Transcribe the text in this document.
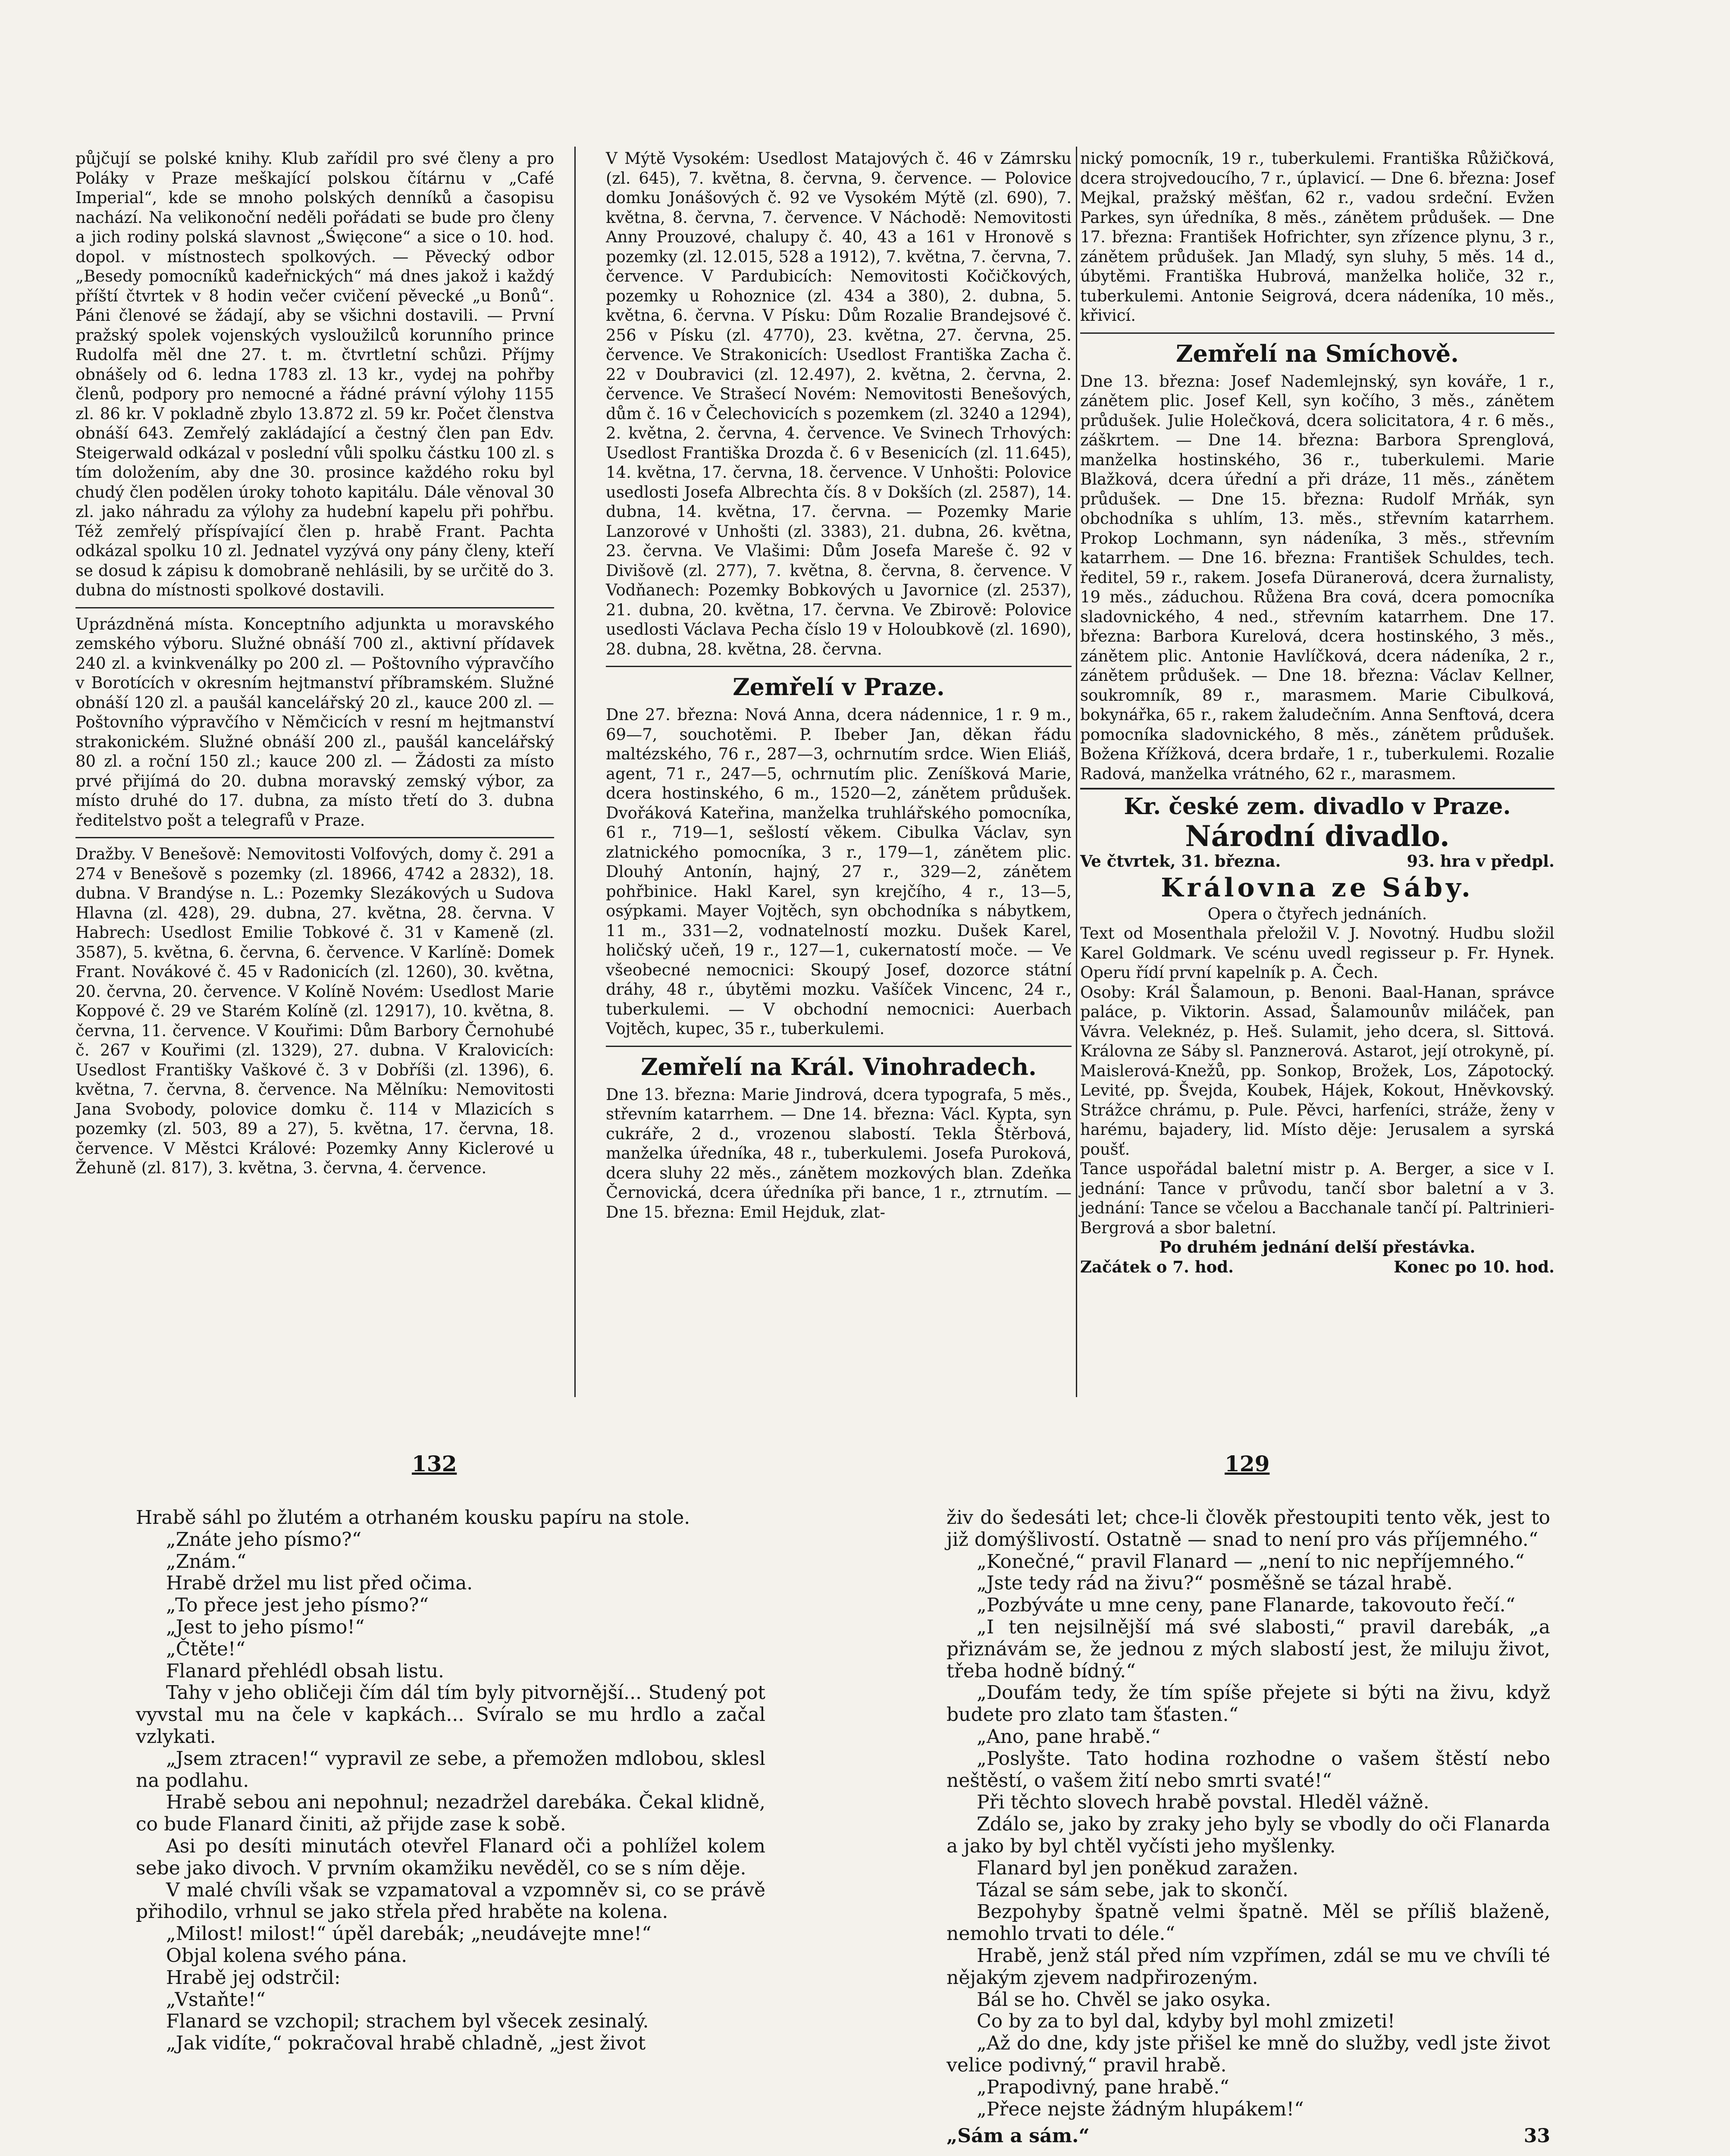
půjčují se polské knihy. Klub zařídil pro své členy a pro Poláky v Praze meškající polskou čítárnu v „Café Imperial“, kde se mnoho polských denníků a časopisu nachází. Na velikonoční neděli pořádati se bude pro členy a jich rodiny polská slavnost „Święcone“ a sice o 10. hod. dopol. v místnostech spolkových. — Pěvecký odbor „Besedy pomocníků kadeřnických“ má dnes jakož i každý příští čtvrtek v 8 hodin večer cvičení pěvecké „u Bonů“. Páni členové se žádají, aby se všichni dostavili. — První pražský spolek vojenských vysloužilců korunního prince Rudolfa měl dne 27. t. m. čtvrtletní schůzi. Příjmy obnášely od 6. ledna 1783 zl. 13 kr., vydej na pohřby členů, podpory pro nemocné a řádné právní výlohy 1155 zl. 86 kr. V pokladně zbylo 13.872 zl. 59 kr. Počet členstva obnáší 643. Zemřelý zakládající a čestný člen pan Edv. Steigerwald odkázal v poslední vůli spolku částku 100 zl. s tím doložením, aby dne 30. prosince každého roku byl chudý člen podělen úroky tohoto kapitálu. Dále věnoval 30 zl. jako náhradu za výlohy za hudební kapelu při pohřbu. Též zemřelý příspívající člen p. hrabě Frant. Pachta odkázal spolku 10 zl. Jednatel vyzývá ony pány členy, kteří se dosud k zápisu k domobraně nehlásili, by se určitě do 3. dubna do místnosti spolkové dostavili.

Uprázdněná místa. Konceptního adjunkta u moravského zemského výboru. Služné obnáší 700 zl., aktivní přídavek 240 zl. a kvinkvenálky po 200 zl. — Poštovního výpravčího v Borotících v okresním hejtmanství příbramském. Služné obnáší 120 zl. a paušál kancelářský 20 zl., kauce 200 zl. — Poštovního výpravčího v Němčicích v resní m hejtmanství strakonickém. Služné obnáší 200 zl., paušál kancelářský 80 zl. a roční 150 zl.; kauce 200 zl. — Žádosti za místo prvé přijímá do 20. dubna moravský zemský výbor, za místo druhé do 17. dubna, za místo třetí do 3. dubna ředitelstvo pošt a telegrafů v Praze.

Dražby. V Benešově: Nemovitosti Volfových, domy č. 291 a 274 v Benešově s pozemky (zl. 18966, 4742 a 2832), 18. dubna. V Brandýse n. L.: Pozemky Slezákových u Sudova Hlavna (zl. 428), 29. dubna, 27. května, 28. června. V Habrech: Usedlost Emilie Tobkové č. 31 v Kameně (zl. 3587), 5. května, 6. června, 6. července. V Karlíně: Domek Frant. Novákové č. 45 v Radonicích (zl. 1260), 30. května, 20. června, 20. července. V Kolíně Novém: Usedlost Marie Koppové č. 29 ve Starém Kolíně (zl. 12917), 10. května, 8. června, 11. července. V Kouřimi: Dům Barbory Černohubé č. 267 v Kouřimi (zl. 1329), 27. dubna. V Kralovicích: Usedlost Františky Vaškové č. 3 v Dobříši (zl. 1396), 6. května, 7. června, 8. července. Na Mělníku: Nemovitosti Jana Svobody, polovice domku č. 114 v Mlazicích s pozemky (zl. 503, 89 a 27), 5. května, 17. června, 18. července. V Městci Králové: Pozemky Anny Kiclerové u Žehuně (zl. 817), 3. května, 3. června, 4. července.

V Mýtě Vysokém: Usedlost Matajových č. 46 v Zámrsku (zl. 645), 7. května, 8. června, 9. července. — Polovice domku Jonášových č. 92 ve Vysokém Mýtě (zl. 690), 7. května, 8. června, 7. července. V Náchodě: Nemovitosti Anny Prouzové, chalupy č. 40, 43 a 161 v Hronově s pozemky (zl. 12.015, 528 a 1912), 7. května, 7. června, 7. července. V Pardubicích: Nemovitosti Kočičkových, pozemky u Rohoznice (zl. 434 a 380), 2. dubna, 5. května, 6. června. V Písku: Dům Rozalie Brandejsové č. 256 v Písku (zl. 4770), 23. května, 27. června, 25. července. Ve Strakonicích: Usedlost Františka Zacha č. 22 v Doubravici (zl. 12.497), 2. května, 2. června, 2. července. Ve Strašecí Novém: Nemovitosti Benešových, dům č. 16 v Čelechovicích s pozemkem (zl. 3240 a 1294), 2. května, 2. června, 4. července. Ve Svinech Trhových: Usedlost Františka Drozda č. 6 v Besenicích (zl. 11.645), 14. května, 17. června, 18. července. V Unhošti: Polovice usedlosti Josefa Albrechta čís. 8 v Dokších (zl. 2587), 14. dubna, 14. května, 17. června. — Pozemky Marie Lanzorové v Unhošti (zl. 3383), 21. dubna, 26. května, 23. června. Ve Vlašimi: Dům Josefa Mareše č. 92 v Divišově (zl. 277), 7. května, 8. června, 8. července. V Vodňanech: Pozemky Bobkových u Javornice (zl. 2537), 21. dubna, 20. května, 17. června. Ve Zbirově: Polovice usedlosti Václava Pecha číslo 19 v Holoubkově (zl. 1690), 28. dubna, 28. května, 28. června.

Zemřelí v Praze.

Dne 27. března: Nová Anna, dcera nádennice, 1 r. 9 m., 69—7, souchotěmi. P. Ibeber Jan, děkan řádu maltézského, 76 r., 287—3, ochrnutím srdce. Wien Eliáš, agent, 71 r., 247—5, ochrnutím plic. Zeníšková Marie, dcera hostinského, 6 m., 1520—2, zánětem průdušek. Dvořáková Kateřina, manželka truhlářského pomocníka, 61 r., 719—1, sešlostí věkem. Cibulka Václav, syn zlatnického pomocníka, 3 r., 179—1, zánětem plic. Dlouhý Antonín, hajný, 27 r., 329—2, zánětem pohřbinice. Hakl Karel, syn krejčího, 4 r., 13—5, osýpkami. Mayer Vojtěch, syn obchodníka s nábytkem, 11 m., 331—2, vodnatelností mozku. Dušek Karel, holičský učeň, 19 r., 127—1, cukernatostí moče. — Ve všeobecné nemocnici: Skoupý Josef, dozorce státní dráhy, 48 r., úbytěmi mozku. Vašíček Vincenc, 24 r., tuberkulemi. — V obchodní nemocnici: Auerbach Vojtěch, kupec, 35 r., tuberkulemi.

Zemřelí na Král. Vinohradech.

Dne 13. března: Marie Jindrová, dcera typografa, 5 měs., střevním katarrhem. — Dne 14. března: Václ. Kypta, syn cukráře, 2 d., vrozenou slabostí. Tekla Štěrbová, manželka úředníka, 48 r., tuberkulemi. Josefa Puroková, dcera sluhy 22 měs., zánětem mozkových blan. Zdeňka Černovická, dcera úředníka při bance, 1 r., ztrnutím. — Dne 15. března: Emil Hejduk, zlat-

nický pomocník, 19 r., tuberkulemi. Františka Růžičková, dcera strojvedoucího, 7 r., úplavicí. — Dne 6. března: Josef Mejkal, pražský měšťan, 62 r., vadou srdeční. Evžen Parkes, syn úředníka, 8 měs., zánětem průdušek. — Dne 17. března: František Hofrichter, syn zřízence plynu, 3 r., zánětem průdušek. Jan Mladý, syn sluhy, 5 měs. 14 d., úbytěmi. Františka Hubrová, manželka holiče, 32 r., tuberkulemi. Antonie Seigrová, dcera nádeníka, 10 měs., křivicí.

Zemřelí na Smíchově.

Dne 13. března: Josef Nademlejnský, syn kováře, 1 r., zánětem plic. Josef Kell, syn kočího, 3 měs., zánětem průdušek. Julie Holečková, dcera solicitatora, 4 r. 6 měs., záškrtem. — Dne 14. března: Barbora Sprenglová, manželka hostinského, 36 r., tuberkulemi. Marie Blažková, dcera úřední a při dráze, 11 měs., zánětem průdušek. — Dne 15. března: Rudolf Mrňák, syn obchodníka s uhlím, 13. měs., střevním katarrhem. Prokop Lochmann, syn nádeníka, 3 měs., střevním katarrhem. — Dne 16. března: František Schuldes, tech. ředitel, 59 r., rakem. Josefa Düranerová, dcera žurnalisty, 19 měs., záduchou. Růžena Bra cová, dcera pomocníka sladovnického, 4 ned., střevním katarrhem. Dne 17. března: Barbora Kurelová, dcera hostinského, 3 měs., zánětem plic. Antonie Havlíčková, dcera nádeníka, 2 r., zánětem průdušek. — Dne 18. března: Václav Kellner, soukromník, 89 r., marasmem. Marie Cibulková, bokynářka, 65 r., rakem žaludečním. Anna Senftová, dcera pomocníka sladovnického, 8 měs., zánětem průdušek. Božena Křížková, dcera brdaře, 1 r., tuberkulemi. Rozalie Radová, manželka vrátného, 62 r., marasmem.

Kr. české zem. divadlo v Praze.
Národní divadlo.
Ve čtvrtek, 31. března.	93. hra v předpl.
Královna ze Sáby.
Opera o čtyřech jednáních.

Text od Mosenthala přeložil V. J. Novotný. Hudbu složil Karel Goldmark. Ve scénu uvedl regisseur p. Fr. Hynek. Operu řídí první kapelník p. A. Čech.

Osoby: Král Šalamoun, p. Benoni. Baal-Hanan, správce paláce, p. Viktorin. Assad, Šalamounův miláček, pan Vávra. Veleknéz, p. Heš. Sulamit, jeho dcera, sl. Sittová. Královna ze Sáby sl. Panznerová. Astarot, její otrokyně, pí. Maislerová-Knežů, pp. Sonkop, Brožek, Los, Zápotocký. Levité, pp. Švejda, Koubek, Hájek, Kokout, Hněvkovský. Strážce chrámu, p. Pule. Pěvci, harfeníci, stráže, ženy v harému, bajadery, lid. Místo děje: Jerusalem a syrská poušť.

Tance uspořádal baletní mistr p. A. Berger, a sice v I. jednání: Tance v průvodu, tančí sbor baletní a v 3. jednání: Tance se včelou a Bacchanale tančí pí. Paltrinieri-Bergrová a sbor baletní.

Po druhém jednání delší přestávka.
Začátek o 7. hod.	Konec po 10. hod.
132	129

Hrabě sáhl po žlutém a otrhaném kousku papíru na stole.

„Znáte jeho písmo?“

„Znám.“

Hrabě držel mu list před očima.

„To přece jest jeho písmo?“

„Jest to jeho písmo!“

„Čtěte!“

Flanard přehlédl obsah listu.

Tahy v jeho obličeji čím dál tím byly pitvornější... Studený pot vyvstal mu na čele v kapkách... Svíralo se mu hrdlo a začal vzlykati.

„Jsem ztracen!“ vypravil ze sebe, a přemožen mdlobou, sklesl na podlahu.

Hrabě sebou ani nepohnul; nezadržel darebáka. Čekal klidně, co bude Flanard činiti, až přijde zase k sobě.

Asi po desíti minutách otevřel Flanard oči a pohlížel kolem sebe jako divoch. V prvním okamžiku nevěděl, co se s ním děje.

V malé chvíli však se vzpamatoval a vzpomněv si, co se právě přihodilo, vrhnul se jako střela před hraběte na kolena.

„Milost! milost!“ úpěl darebák; „neudávejte mne!“

Objal kolena svého pána.

Hrabě jej odstrčil:

„Vstaňte!“

Flanard se vzchopil; strachem byl všecek zesinalý.

„Jak vidíte,“ pokračoval hrabě chladně, „jest život

živ do šedesáti let; chce-li člověk přestoupiti tento věk, jest to již domýšlivostí. Ostatně — snad to není pro vás příjemného.“

„Konečné,“ pravil Flanard — „není to nic nepříjemného.“

„Jste tedy rád na živu?“ posměšně se tázal hrabě.

„Pozbýváte u mne ceny, pane Flanarde, takovouto řečí.“

„I ten nejsilnější má své slabosti,“ pravil darebák, „a přiznávám se, že jednou z mých slabostí jest, že miluju život, třeba hodně bídný.“

„Doufám tedy, že tím spíše přejete si býti na živu, když budete pro zlato tam šťasten.“

„Ano, pane hrabě.“

„Poslyšte. Tato hodina rozhodne o vašem štěstí nebo neštěstí, o vašem žití nebo smrti svaté!“

Při těchto slovech hrabě povstal. Hleděl vážně.

Zdálo se, jako by zraky jeho byly se vbodly do oči Flanarda a jako by byl chtěl vyčísti jeho myšlenky.

Flanard byl jen poněkud zaražen.

Tázal se sám sebe, jak to skončí.

Bezpohyby špatně velmi špatně. Měl se příliš blaženě, nemohlo trvati to déle.“

Hrabě, jenž stál před ním vzpřímen, zdál se mu ve chvíli té nějakým zjevem nadpřirozeným.

Bál se ho. Chvěl se jako osyka.

Co by za to byl dal, kdyby byl mohl zmizeti!

„Až do dne, kdy jste přišel ke mně do služby, vedl jste život velice podivný,“ pravil hrabě.

„Prapodivný, pane hrabě.“

„Přece nejste žádným hlupákem!“

„Sám a sám.“	33
